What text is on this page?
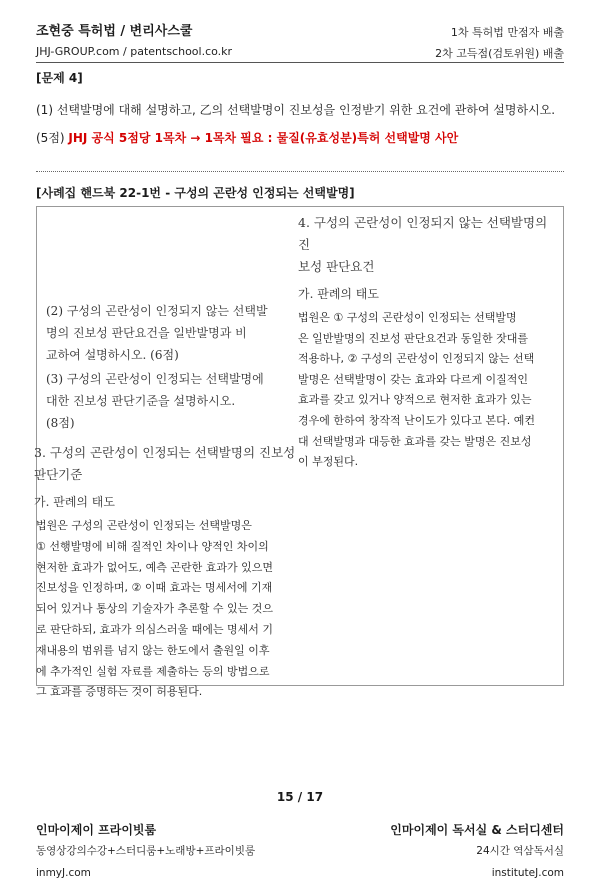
조현중 특허법 / 변리사스쿨
JHJ-GROUP.com / patentschool.co.kr
1차 특허법 만점자 배출
2차 고득점(검토위원) 배출
[문제 4]
(1) 선택발명에 대해 설명하고, 乙의 선택발명이 진보성을 인정받기 위한 요건에 관하여 설명하시오. (5점) JHJ 공식 5점당 1목차 → 1목차 필요 : 물질(유효성분)특허 선택발명 사안
[사례집 핸드북 22-1번 - 구성의 곤란성 인정되는 선택발명]
(2) 구성의 곤란성이 인정되지 않는 선택발
명의 진보성 판단요건을 일반발명과 비
교하여 설명하시오. (6점)
(3) 구성의 곤란성이 인정되는 선택발명에
대한 진보성 판단기준을 설명하시오.
(8점)
3. 구성의 곤란성이 인정되는 선택발명의 진보성
판단기준
가. 판례의 태도
법원은 구성의 곤란성이 인정되는 선택발명은
① 선행발명에 비해 질적인 차이나 양적인 차이의
현저한 효과가 없어도, 예측 곤란한 효과가 있으면
진보성을 인정하며, ② 이때 효과는 명세서에 기재
되어 있거나 통상의 기술자가 추론할 수 있는 것으
로 판단하되, 효과가 의심스러울 때에는 명세서 기
재내용의 범위를 넘지 않는 한도에서 출원일 이후
에 추가적인 실험 자료를 제출하는 등의 방법으로
그 효과를 증명하는 것이 허용된다.
4. 구성의 곤란성이 인정되지 않는 선택발명의 진
보성 판단요건
가. 판례의 태도
법원은 ① 구성의 곤란성이 인정되는 선택발명
은 일반발명의 진보성 판단요건과 동일한 잣대를
적용하나, ② 구성의 곤란성이 인정되지 않는 선택
발명은 선택발명이 갖는 효과와 다르게 이질적인
효과를 갖고 있거나 양적으로 현저한 효과가 있는
경우에 한하여 창작적 난이도가 있다고 본다. 예컨
대 선택발명과 대등한 효과를 갖는 발명은 진보성
이 부정된다.
15 / 17
인마이제이 프라이빗룸
동영상강의수강+스터디룸+노래방+프라이빗룸
inmyJ.com
인마이제이 독서실 & 스터디센터
24시간 역삼독서실
instituteJ.com
